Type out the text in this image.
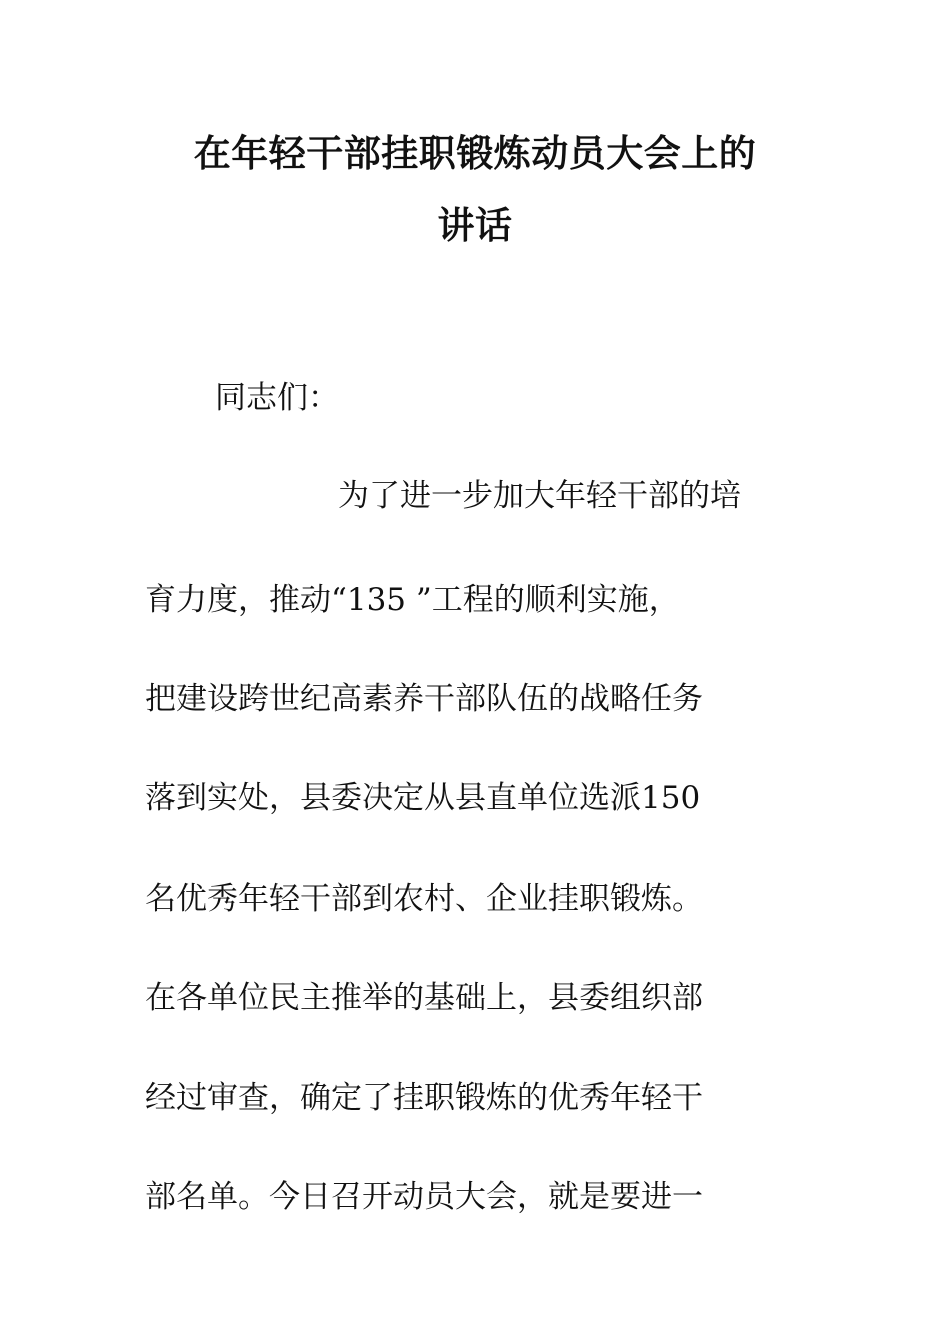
在年轻干部挂职锻炼动员大会上的
讲话
同志们：
为了进一步加大年轻干部的培
育力度，推动“135 ”工程的顺利实施，
把建设跨世纪高素养干部队伍的战略任务
落到实处，县委决定从县直单位选派150
名优秀年轻干部到农村、企业挂职锻炼。
在各单位民主推举的基础上，县委组织部
经过审查，确定了挂职锻炼的优秀年轻干
部名单。今日召开动员大会，就是要进一
